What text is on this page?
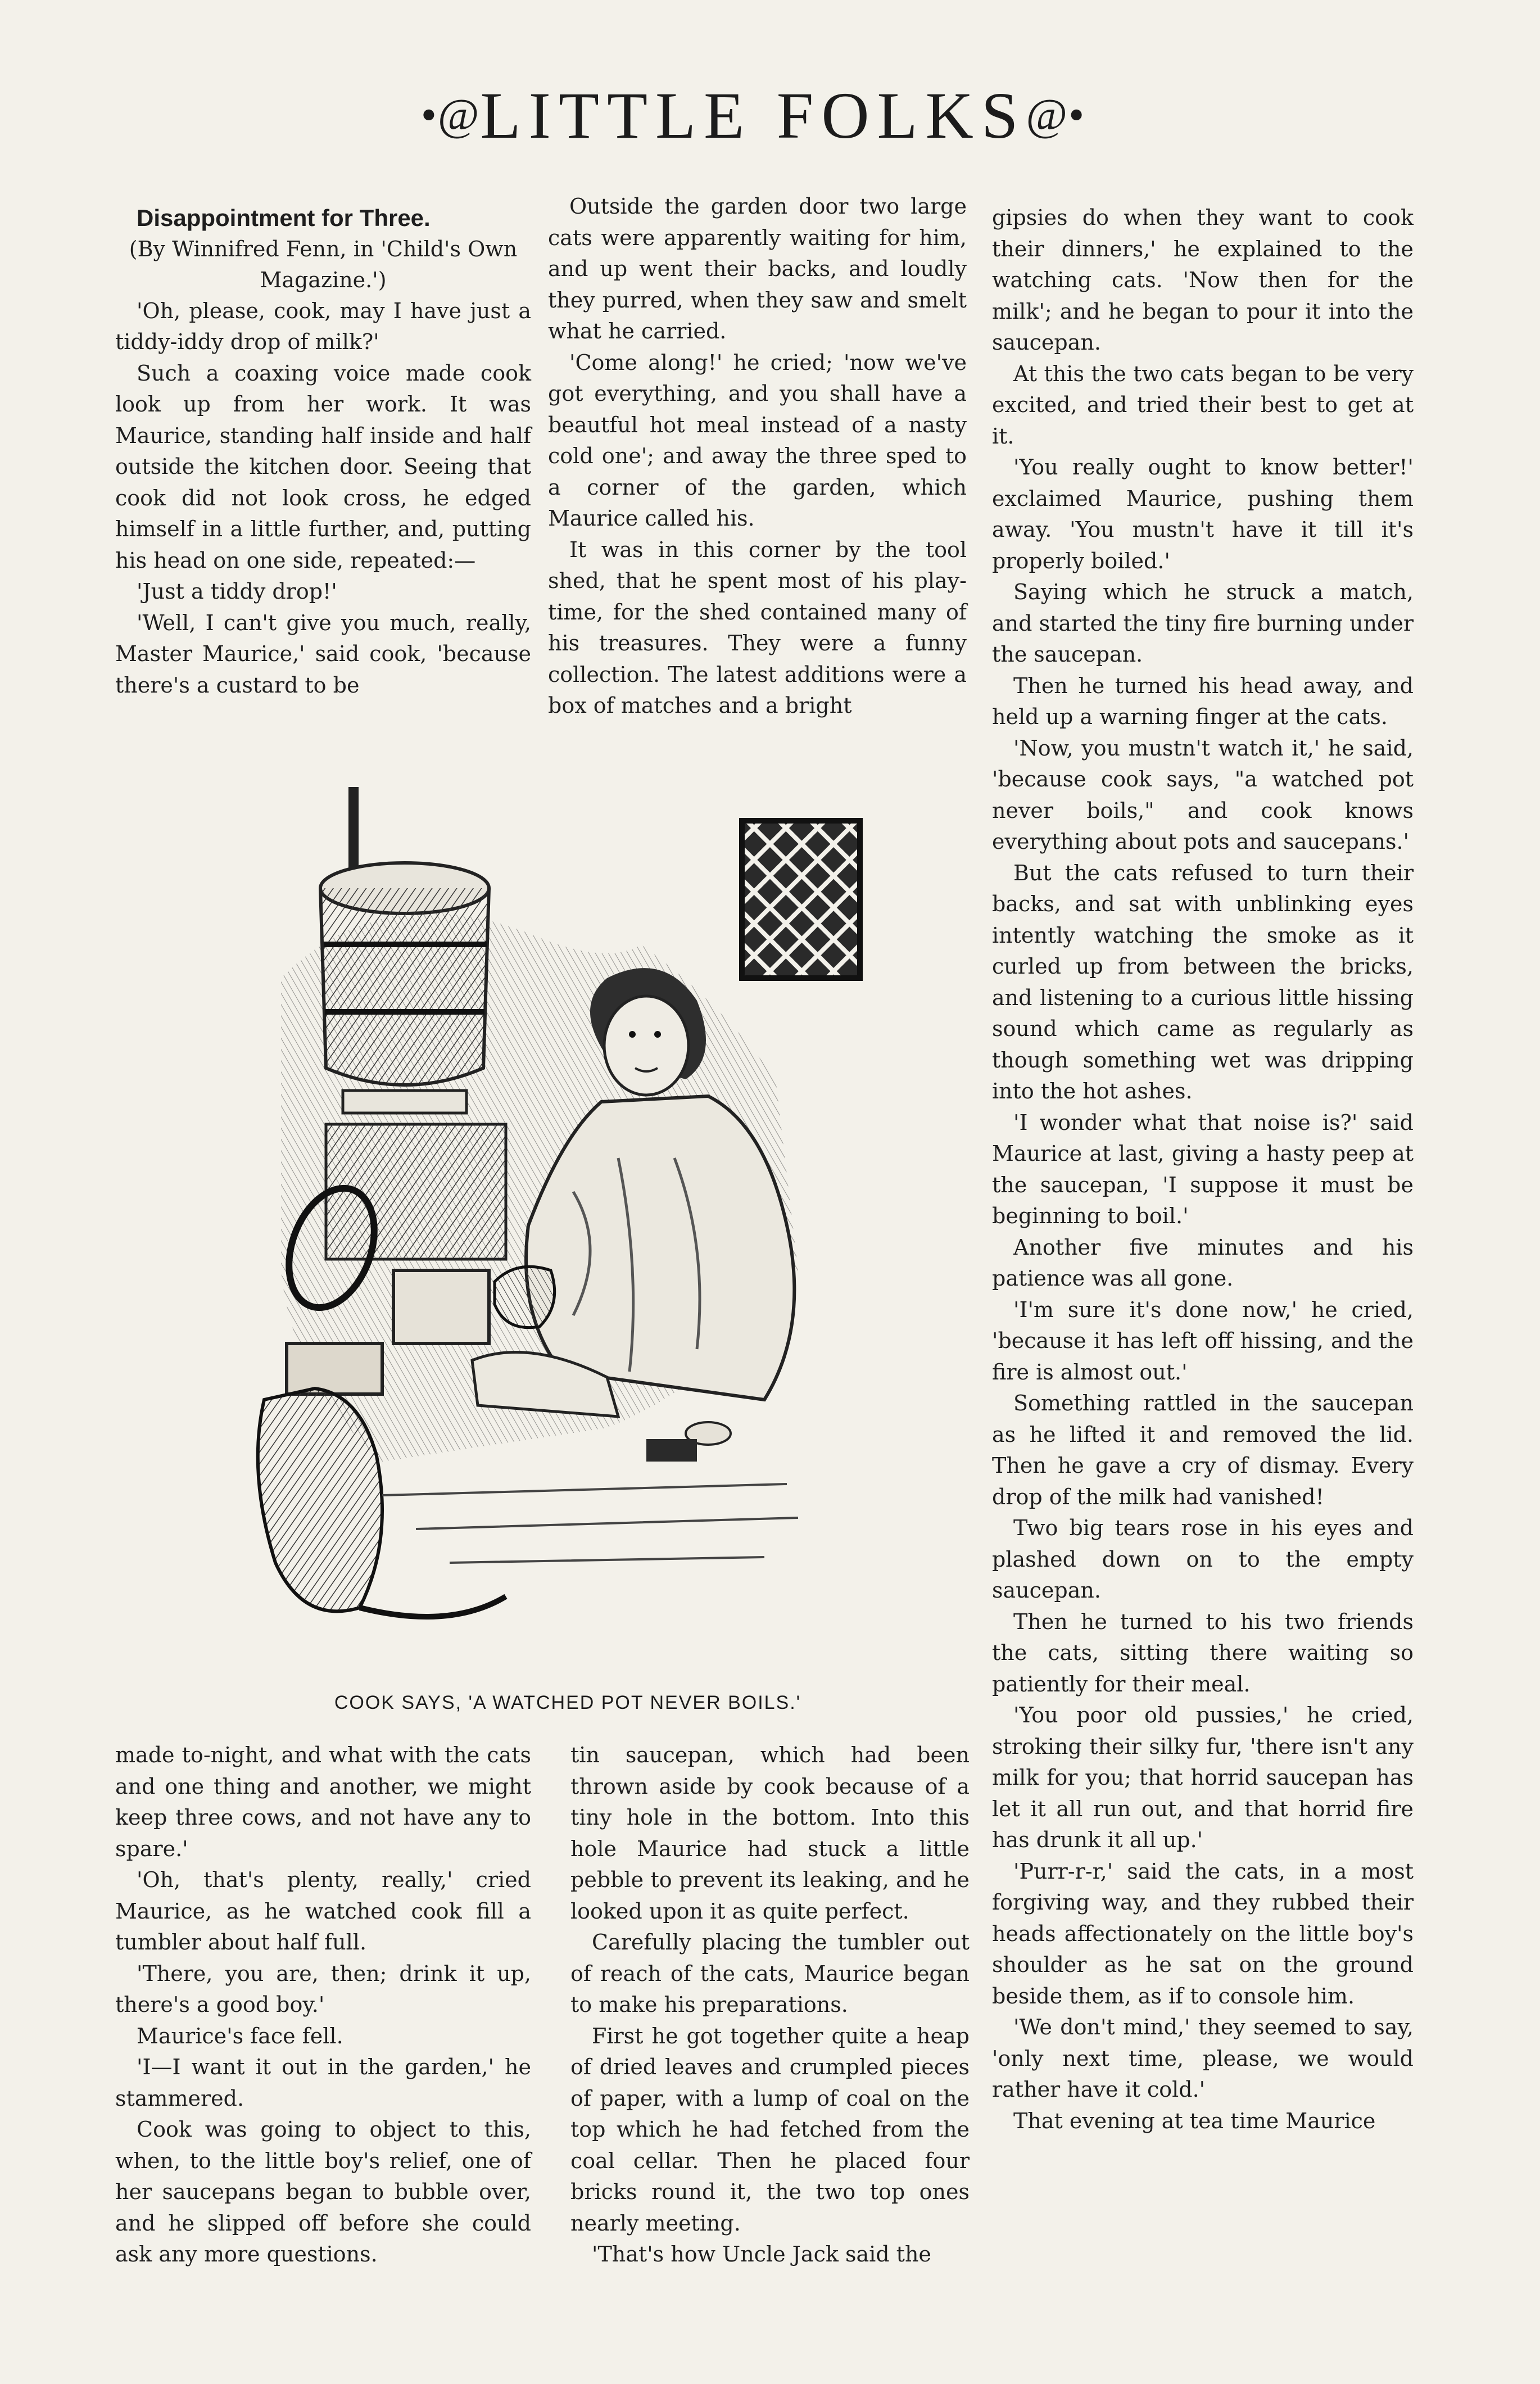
•@LITTLE FOLKS@•

Disappointment for Three.

(By Winnifred Fenn, in 'Child's Own Magazine.')

'Oh, please, cook, may I have just a tiddy-iddy drop of milk?'

Such a coaxing voice made cook look up from her work. It was Maurice, standing half inside and half outside the kitchen door. Seeing that cook did not look cross, he edged himself in a little further, and, putting his head on one side, repeated:—

'Just a tiddy drop!'

'Well, I can't give you much, really, Master Maurice,' said cook, 'because there's a custard to be

Outside the garden door two large cats were apparently waiting for him, and up went their backs, and loudly they purred, when they saw and smelt what he carried.

'Come along!' he cried; 'now we've got everything, and you shall have a beautful hot meal instead of a nasty cold one'; and away the three sped to a corner of the garden, which Maurice called his.

It was in this corner by the tool shed, that he spent most of his play-time, for the shed contained many of his treasures. They were a funny collection. The latest additions were a box of matches and a bright

gipsies do when they want to cook their dinners,' he explained to the watching cats. 'Now then for the milk'; and he began to pour it into the saucepan.

At this the two cats began to be very excited, and tried their best to get at it.

'You really ought to know better!' exclaimed Maurice, pushing them away. 'You mustn't have it till it's properly boiled.'

Saying which he struck a match, and started the tiny fire burning under the saucepan.

Then he turned his head away, and held up a warning finger at the cats.

'Now, you mustn't watch it,' he said, 'because cook says, "a watched pot never boils," and cook knows everything about pots and saucepans.'

But the cats refused to turn their backs, and sat with unblinking eyes intently watching the smoke as it curled up from between the bricks, and listening to a curious little hissing sound which came as regularly as though something wet was dripping into the hot ashes.

'I wonder what that noise is?' said Maurice at last, giving a hasty peep at the saucepan, 'I suppose it must be beginning to boil.'

Another five minutes and his patience was all gone.

'I'm sure it's done now,' he cried, 'because it has left off hissing, and the fire is almost out.'

Something rattled in the saucepan as he lifted it and removed the lid. Then he gave a cry of dismay. Every drop of the milk had vanished!

Two big tears rose in his eyes and plashed down on to the empty saucepan.

Then he turned to his two friends the cats, sitting there waiting so patiently for their meal.

'You poor old pussies,' he cried, stroking their silky fur, 'there isn't any milk for you; that horrid saucepan has let it all run out, and that horrid fire has drunk it all up.'

'Purr-r-r,' said the cats, in a most forgiving way, and they rubbed their heads affectionately on the little boy's shoulder as he sat on the ground beside them, as if to console him.

'We don't mind,' they seemed to say, 'only next time, please, we would rather have it cold.'

That evening at tea time Maurice

COOK SAYS, 'A WATCHED POT NEVER BOILS.'

made to-night, and what with the cats and one thing and another, we might keep three cows, and not have any to spare.'

'Oh, that's plenty, really,' cried Maurice, as he watched cook fill a tumbler about half full.

'There, you are, then; drink it up, there's a good boy.'

Maurice's face fell.

'I—I want it out in the garden,' he stammered.

Cook was going to object to this, when, to the little boy's relief, one of her saucepans began to bubble over, and he slipped off before she could ask any more questions.

tin saucepan, which had been thrown aside by cook because of a tiny hole in the bottom. Into this hole Maurice had stuck a little pebble to prevent its leaking, and he looked upon it as quite perfect.

Carefully placing the tumbler out of reach of the cats, Maurice began to make his preparations.

First he got together quite a heap of dried leaves and crumpled pieces of paper, with a lump of coal on the top which he had fetched from the coal cellar. Then he placed four bricks round it, the two top ones nearly meeting.

'That's how Uncle Jack said the
